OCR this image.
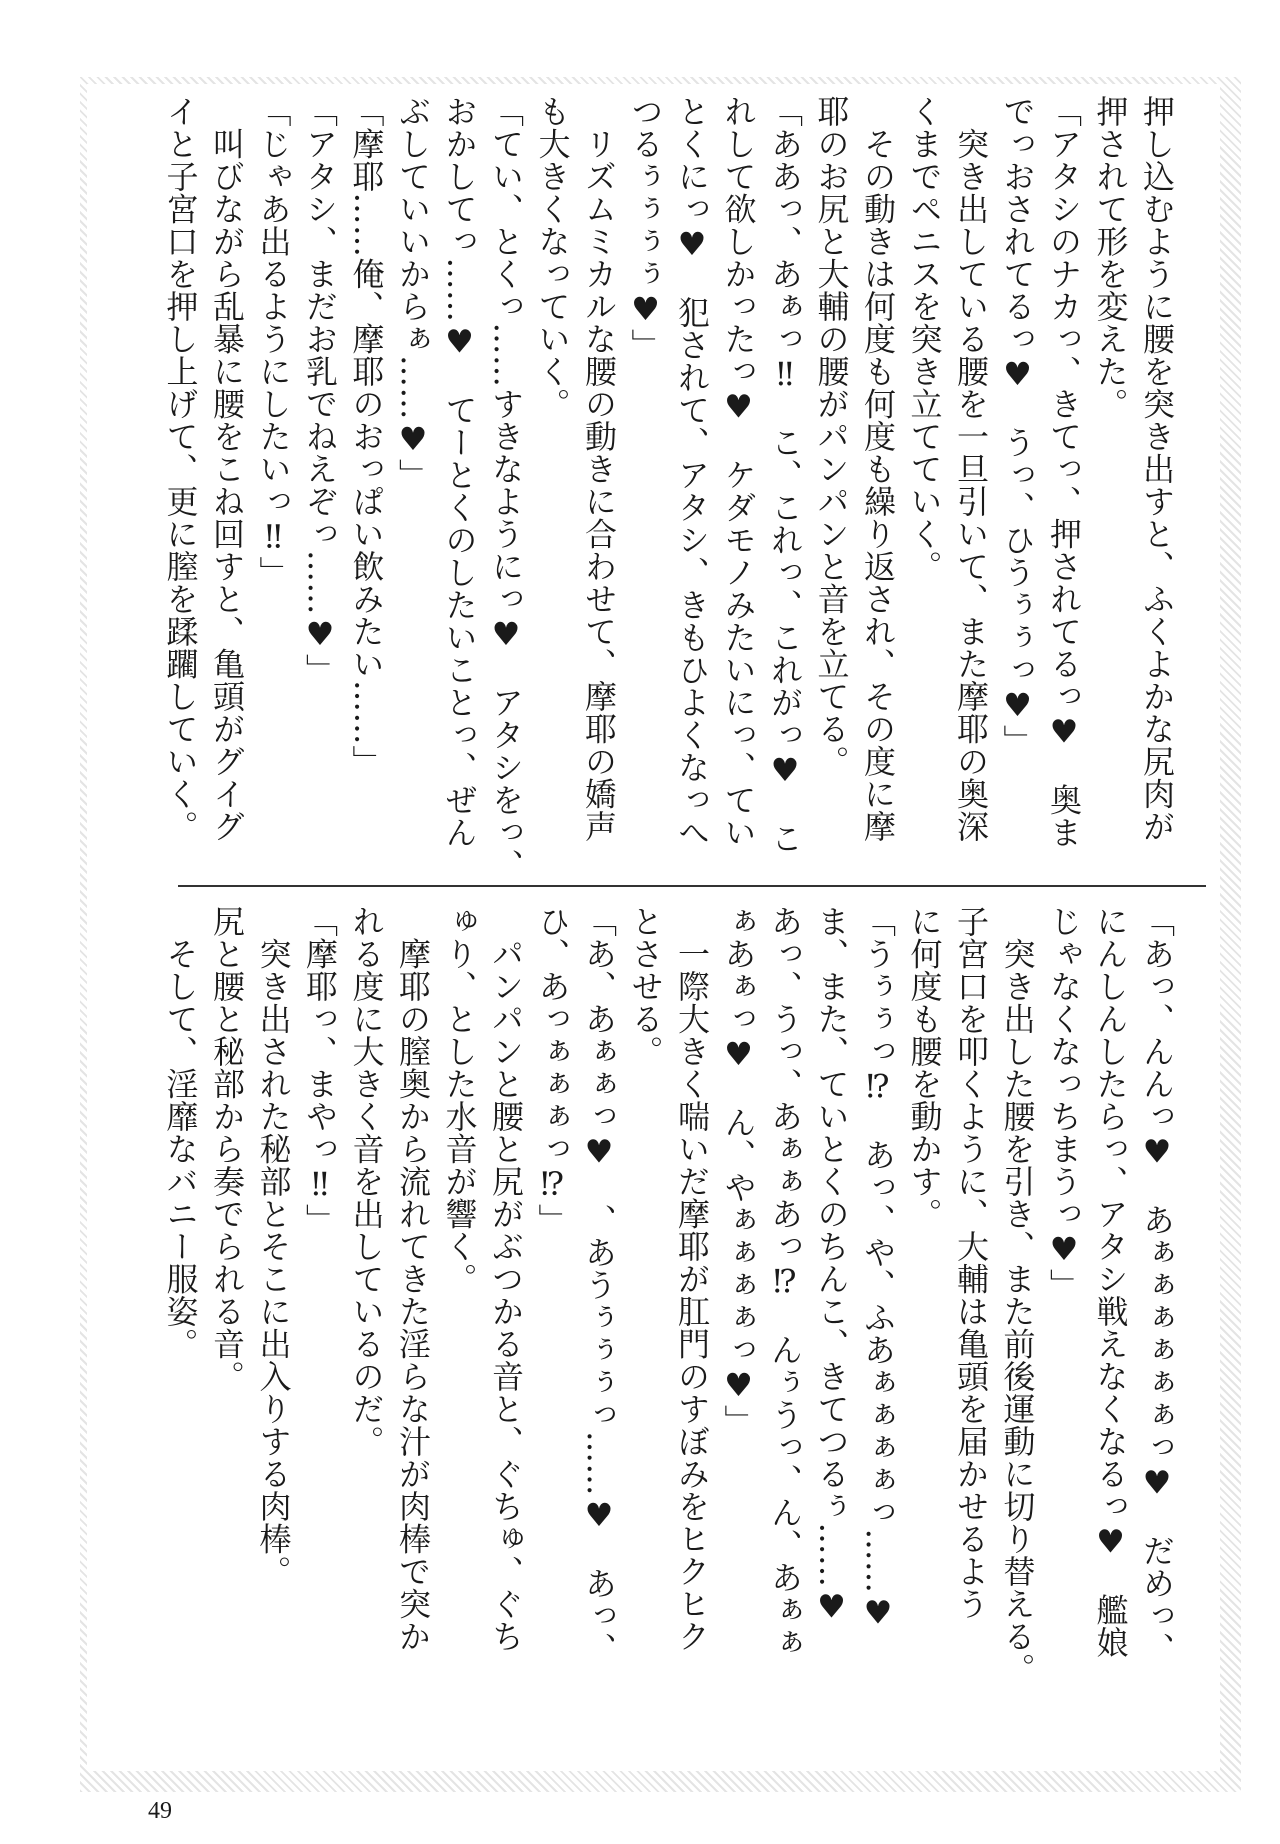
押し込むように腰を突き出すと、ふくよかな尻肉が
押されて形を変えた。
「アタシのナカっ、きてっ、押されてるっ♥　奥ま
でっおされてるっ♥　うっ、ひうぅぅっ♥」
　突き出している腰を一旦引いて、また摩耶の奥深
くまでペニスを突き立てていく。
　その動きは何度も何度も繰り返され、その度に摩
耶のお尻と大輔の腰がパンパンと音を立てる。
「ああっ、あぁっ‼　こ、これっ、これがっ♥　こ
れして欲しかったっ♥　ケダモノみたいにっ、てい
とくにっ♥　犯されて、アタシ、きもひよくなっへ
つるぅぅぅぅ♥」
　リズムミカルな腰の動きに合わせて、摩耶の嬌声
も大きくなっていく。
「てい、とくっ……すきなようにっ♥　アタシをっ、
おかしてっ……♥　てーとくのしたいことっ、ぜん
ぶしていいからぁ……♥」
「摩耶……俺、摩耶のおっぱい飲みたい……」
「アタシ、まだお乳でねえぞっ……♥」
「じゃあ出るようにしたいっ‼」
　叫びながら乱暴に腰をこね回すと、亀頭がグイグ
イと子宮口を押し上げて、更に膣を蹂躙していく。
「あっ、んんっ♥　あぁぁぁぁぁぁっ♥　だめっ、
にんしんしたらっ、アタシ戦えなくなるっ♥　艦娘
じゃなくなっちまうっ♥」
　突き出した腰を引き、また前後運動に切り替える。
子宮口を叩くように、大輔は亀頭を届かせるよう
に何度も腰を動かす。
「うぅぅっ⁉　あっ、や、ふあぁぁぁぁっ……♥
ま、また、ていとくのちんこ、きてつるぅ……♥
あっ、うっ、あぁぁあっ⁉　んぅうっ、ん、あぁぁ
ぁあぁっ♥　ん、やぁぁぁぁっ♥」
　一際大きく喘いだ摩耶が肛門のすぼみをヒクヒク
とさせる。
「あ、あぁぁっ♥　、あうぅぅぅっ……♥　あっ、
ひ、あっぁぁぁっ⁉」
　パンパンと腰と尻がぶつかる音と、ぐちゅ、ぐち
ゅり、とした水音が響く。
　摩耶の膣奥から流れてきた淫らな汁が肉棒で突か
れる度に大きく音を出しているのだ。
「摩耶っ、まやっ‼」
　突き出された秘部とそこに出入りする肉棒。
尻と腰と秘部から奏でられる音。
　そして、淫靡なバニー服姿。
49
